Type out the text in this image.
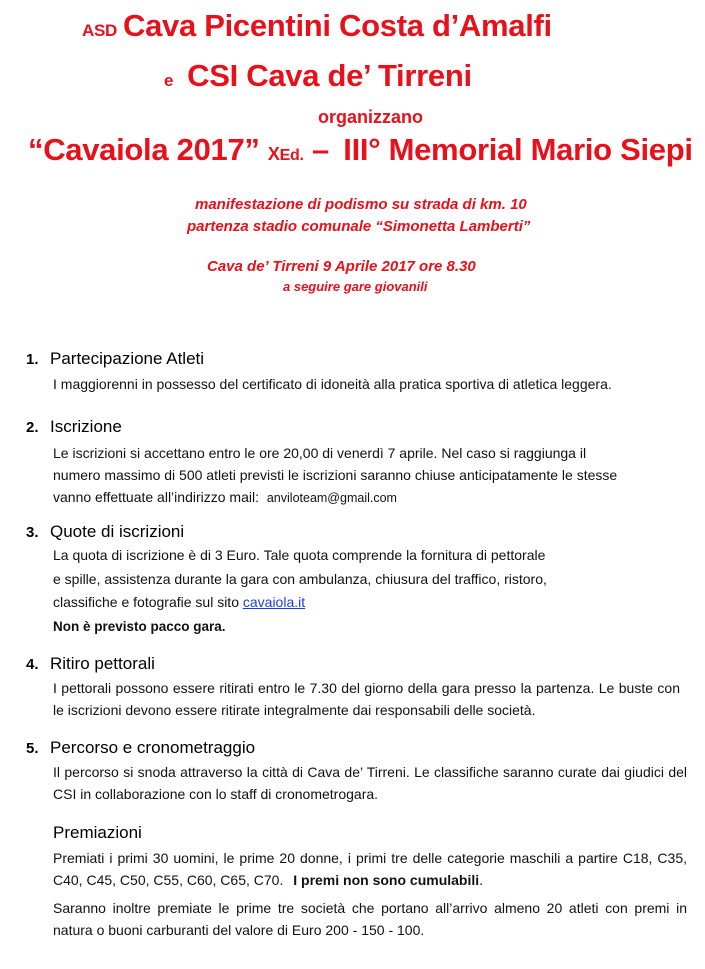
ASD Cava Picentini Costa d’Amalfi
e CSI Cava de’ Tirreni
organizzano
“Cavaiola 2017” XEd. – III° Memorial Mario Siepi
manifestazione di podismo su strada di km. 10
partenza stadio comunale “Simonetta Lamberti”
Cava de’ Tirreni 9 Aprile 2017 ore 8.30
a seguire gare giovanili
1. Partecipazione Atleti
I maggiorenni in possesso del certificato di idoneità alla pratica sportiva di atletica leggera.
2. Iscrizione
Le iscrizioni si accettano entro le ore 20,00 di venerdì 7 aprile. Nel caso si raggiunga il
numero massimo di 500 atleti previsti le iscrizioni saranno chiuse anticipatamente le stesse
vanno effettuate all’indirizzo mail: anviloteam@gmail.com
3. Quote di iscrizioni
La quota di iscrizione è di 3 Euro. Tale quota comprende la fornitura di pettorale
e spille, assistenza durante la gara con ambulanza, chiusura del traffico, ristoro,
classifiche e fotografie sul sito cavaiola.it
Non è previsto pacco gara.
4. Ritiro pettorali
I pettorali possono essere ritirati entro le 7.30 del giorno della gara presso la partenza. Le buste con le iscrizioni devono essere ritirate integralmente dai responsabili delle società.
5. Percorso e cronometraggio
Il percorso si snoda attraverso la città di Cava de’ Tirreni. Le classifiche saranno curate dai giudici del CSI in collaborazione con lo staff di cronometrogara.
Premiazioni
Premiati i primi 30 uomini, le prime 20 donne, i primi tre delle categorie maschili a partire C18, C35, C40, C45, C50, C55, C60, C65, C70. I premi non sono cumulabili.
Saranno inoltre premiate le prime tre società che portano all’arrivo almeno 20 atleti con premi in natura o buoni carburanti del valore di Euro 200 - 150 - 100.
